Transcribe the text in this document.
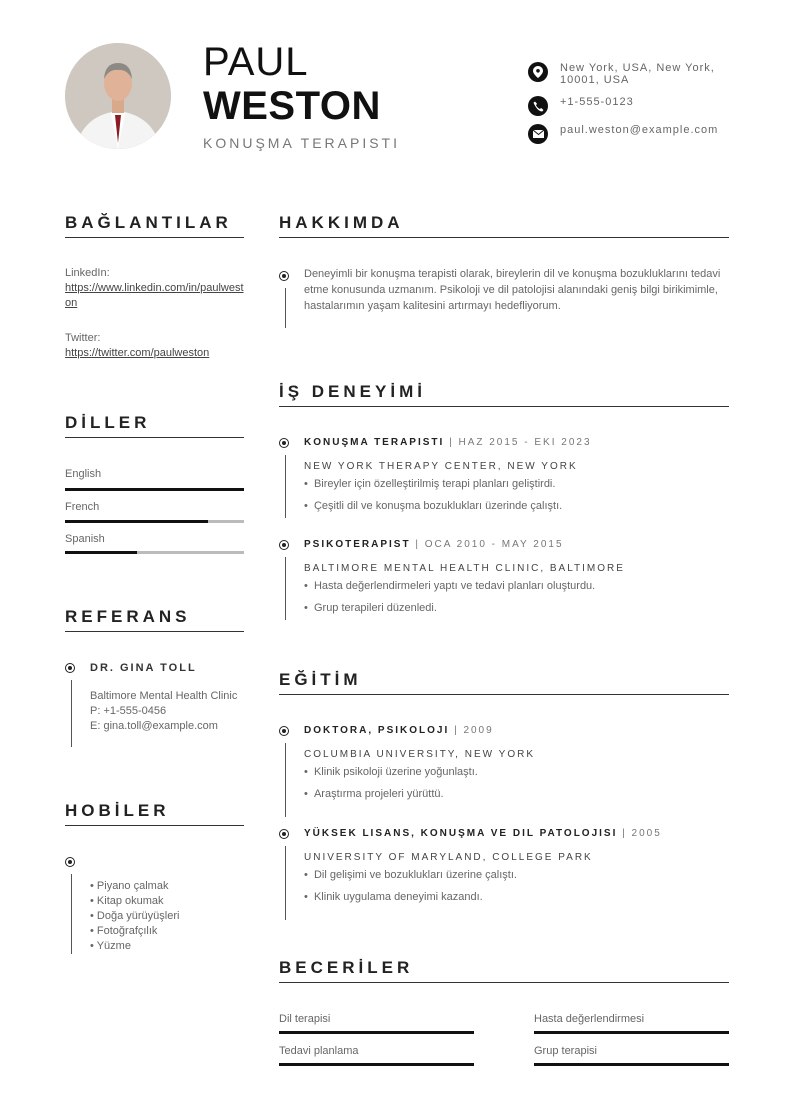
PAUL
WESTON
KONUŞMA TERAPISTI
New York, USA, New York, 10001, USA
+1-555-0123
paul.weston@example.com
BAĞLANTILAR
LinkedIn:
https://www.linkedin.com/in/paulweston
Twitter:
https://twitter.com/paulweston
DİLLER
English
French
Spanish
REFERANS
DR. GINA TOLL
Baltimore Mental Health Clinic
P: +1-555-0456
E: gina.toll@example.com
HOBİLER
• Piyano çalmak
• Kitap okumak
• Doğa yürüyüşleri
• Fotoğrafçılık
• Yüzme
HAKKIMDA
Deneyimli bir konuşma terapisti olarak, bireylerin dil ve konuşma bozukluklarını tedavi etme konusunda uzmanım. Psikoloji ve dil patolojisi alanındaki geniş bilgi birikimimle, hastalarımın yaşam kalitesini artırmayı hedefliyorum.
İŞ DENEYİMİ
KONUŞMA TERAPISTI | HAZ 2015 - EKI 2023
NEW YORK THERAPY CENTER, NEW YORK
•  Bireyler için özelleştirilmiş terapi planları geliştirdi.
•  Çeşitli dil ve konuşma bozuklukları üzerinde çalıştı.
PSIKOTERAPIST | OCA 2010 - MAY 2015
BALTIMORE MENTAL HEALTH CLINIC, BALTIMORE
•  Hasta değerlendirmeleri yaptı ve tedavi planları oluşturdu.
•  Grup terapileri düzenledi.
EĞİTİM
DOKTORA, PSIKOLOJI | 2009
COLUMBIA UNIVERSITY, NEW YORK
•  Klinik psikoloji üzerine yoğunlaştı.
•  Araştırma projeleri yürüttü.
YÜKSEK LISANS, KONUŞMA VE DIL PATOLOJISI | 2005
UNIVERSITY OF MARYLAND, COLLEGE PARK
•  Dil gelişimi ve bozuklukları üzerine çalıştı.
•  Klinik uygulama deneyimi kazandı.
BECERİLER
Dil terapisi	Hasta değerlendirmesi
Tedavi planlama	Grup terapisi
